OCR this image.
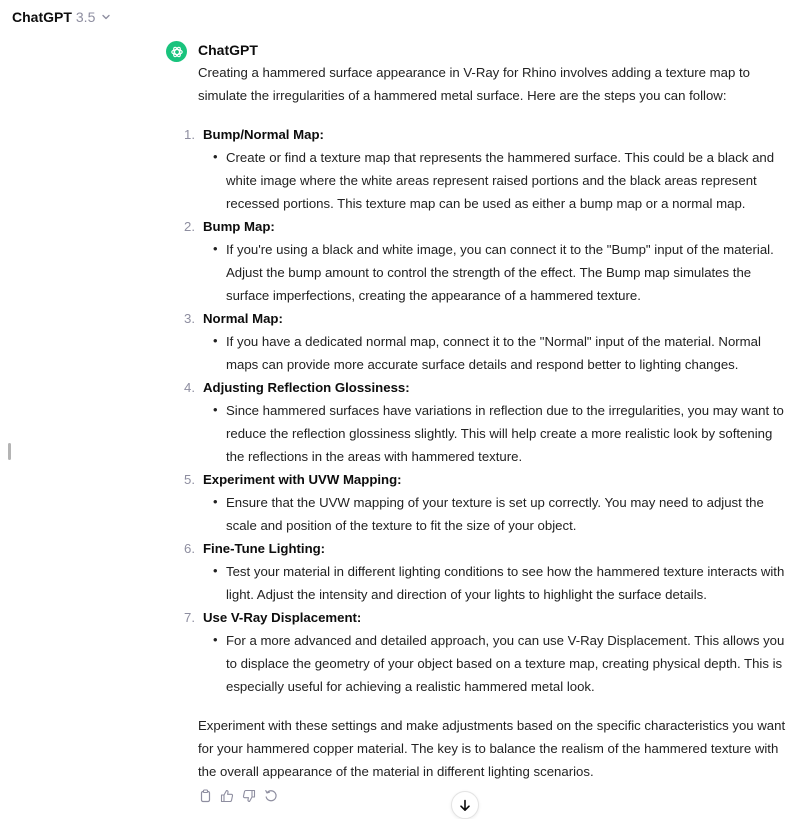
ChatGPT 3.5
ChatGPT

Creating a hammered surface appearance in V-Ray for Rhino involves adding a texture map to simulate the irregularities of a hammered metal surface. Here are the steps you can follow:

1. Bump/Normal Map:
• Create or find a texture map that represents the hammered surface. This could be a black and white image where the white areas represent raised portions and the black areas represent recessed portions. This texture map can be used as either a bump map or a normal map.
2. Bump Map:
• If you're using a black and white image, you can connect it to the "Bump" input of the material. Adjust the bump amount to control the strength of the effect. The Bump map simulates the surface imperfections, creating the appearance of a hammered texture.
3. Normal Map:
• If you have a dedicated normal map, connect it to the "Normal" input of the material. Normal maps can provide more accurate surface details and respond better to lighting changes.
4. Adjusting Reflection Glossiness:
• Since hammered surfaces have variations in reflection due to the irregularities, you may want to reduce the reflection glossiness slightly. This will help create a more realistic look by softening the reflections in the areas with hammered texture.
5. Experiment with UVW Mapping:
• Ensure that the UVW mapping of your texture is set up correctly. You may need to adjust the scale and position of the texture to fit the size of your object.
6. Fine-Tune Lighting:
• Test your material in different lighting conditions to see how the hammered texture interacts with light. Adjust the intensity and direction of your lights to highlight the surface details.
7. Use V-Ray Displacement:
• For a more advanced and detailed approach, you can use V-Ray Displacement. This allows you to displace the geometry of your object based on a texture map, creating physical depth. This is especially useful for achieving a realistic hammered metal look.

Experiment with these settings and make adjustments based on the specific characteristics you want for your hammered copper material. The key is to balance the realism of the hammered texture with the overall appearance of the material in different lighting scenarios.
